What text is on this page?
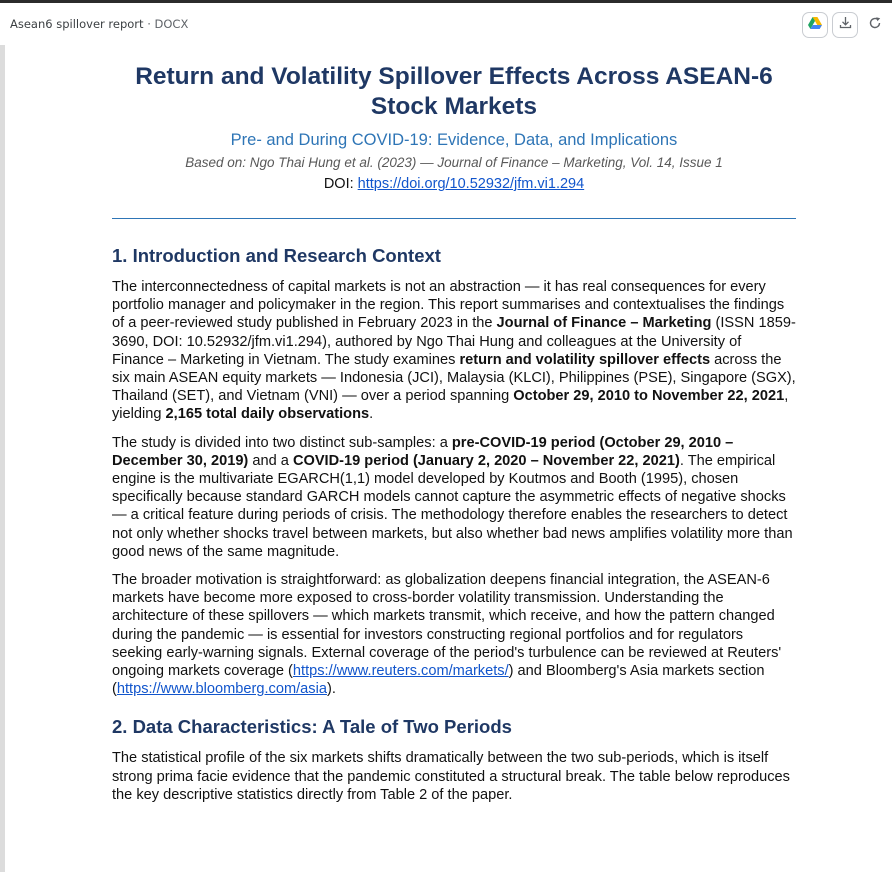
Asean6 spillover report · DOCX
Return and Volatility Spillover Effects Across ASEAN-6 Stock Markets
Pre- and During COVID-19: Evidence, Data, and Implications
Based on: Ngo Thai Hung et al. (2023) — Journal of Finance – Marketing, Vol. 14, Issue 1
DOI: https://doi.org/10.52932/jfm.vi1.294
1. Introduction and Research Context

The interconnectedness of capital markets is not an abstraction — it has real consequences for every portfolio manager and policymaker in the region. This report summarises and contextualises the findings of a peer-reviewed study published in February 2023 in the Journal of Finance – Marketing (ISSN 1859-3690, DOI: 10.52932/jfm.vi1.294), authored by Ngo Thai Hung and colleagues at the University of Finance – Marketing in Vietnam. The study examines return and volatility spillover effects across the six main ASEAN equity markets — Indonesia (JCI), Malaysia (KLCI), Philippines (PSE), Singapore (SGX), Thailand (SET), and Vietnam (VNI) — over a period spanning October 29, 2010 to November 22, 2021, yielding 2,165 total daily observations.

The study is divided into two distinct sub-samples: a pre-COVID-19 period (October 29, 2010 – December 30, 2019) and a COVID-19 period (January 2, 2020 – November 22, 2021). The empirical engine is the multivariate EGARCH(1,1) model developed by Koutmos and Booth (1995), chosen specifically because standard GARCH models cannot capture the asymmetric effects of negative shocks — a critical feature during periods of crisis. The methodology therefore enables the researchers to detect not only whether shocks travel between markets, but also whether bad news amplifies volatility more than good news of the same magnitude.

The broader motivation is straightforward: as globalization deepens financial integration, the ASEAN-6 markets have become more exposed to cross-border volatility transmission. Understanding the architecture of these spillovers — which markets transmit, which receive, and how the pattern changed during the pandemic — is essential for investors constructing regional portfolios and for regulators seeking early-warning signals. External coverage of the period's turbulence can be reviewed at Reuters' ongoing markets coverage (https://www.reuters.com/markets/) and Bloomberg's Asia markets section (https://www.bloomberg.com/asia).

2. Data Characteristics: A Tale of Two Periods

The statistical profile of the six markets shifts dramatically between the two sub-periods, which is itself strong prima facie evidence that the pandemic constituted a structural break. The table below reproduces the key descriptive statistics directly from Table 2 of the paper.
